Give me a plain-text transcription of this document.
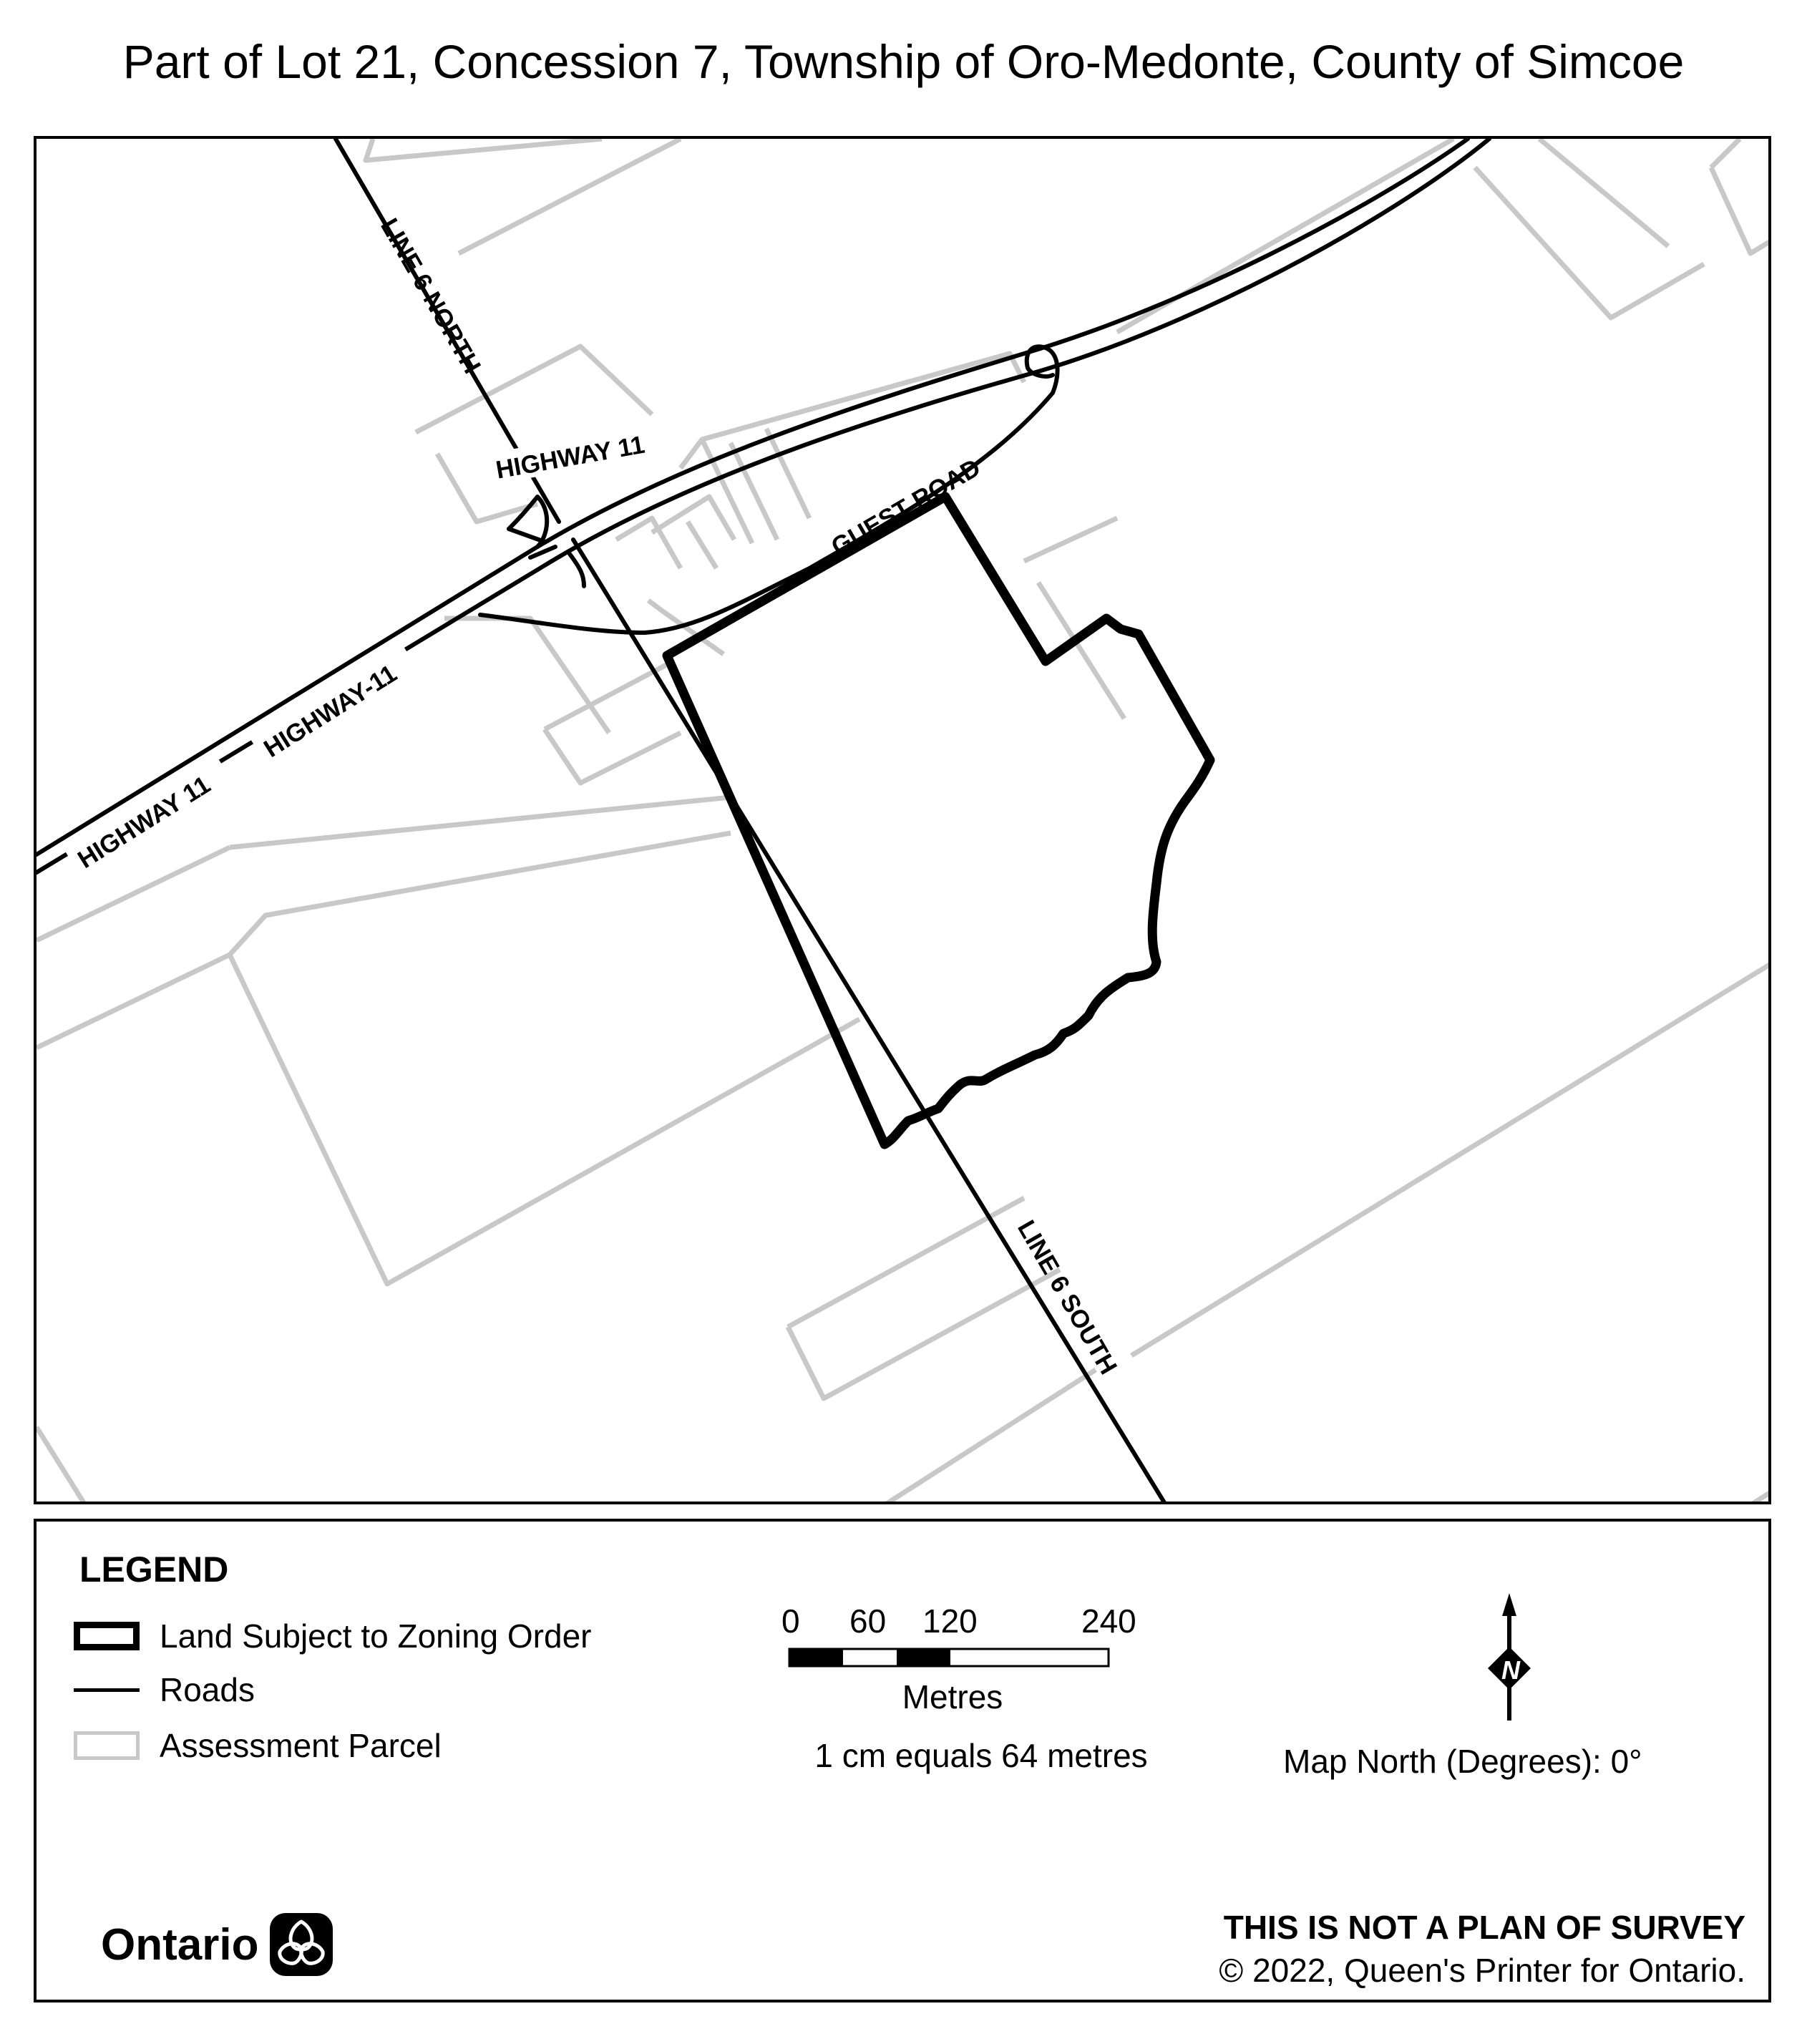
Part of Lot 21, Concession 7, Township of Oro-Medonte, County of Simcoe
HIGHWAY 11	GUEST ROAD
LINE 6 NORTH
LINE 6 SOUTH
HIGHWAY-11
HIGHWAY 11
LEGEND
Land Subject to Zoning Order
Roads
Assessment Parcel
0 60 120	240
Metres
1 cm equals 64 metres
N
Map North (Degrees): 0°
Ontario	THIS IS NOT A PLAN OF SURVEY
© 2022, Queen's Printer for Ontario.
